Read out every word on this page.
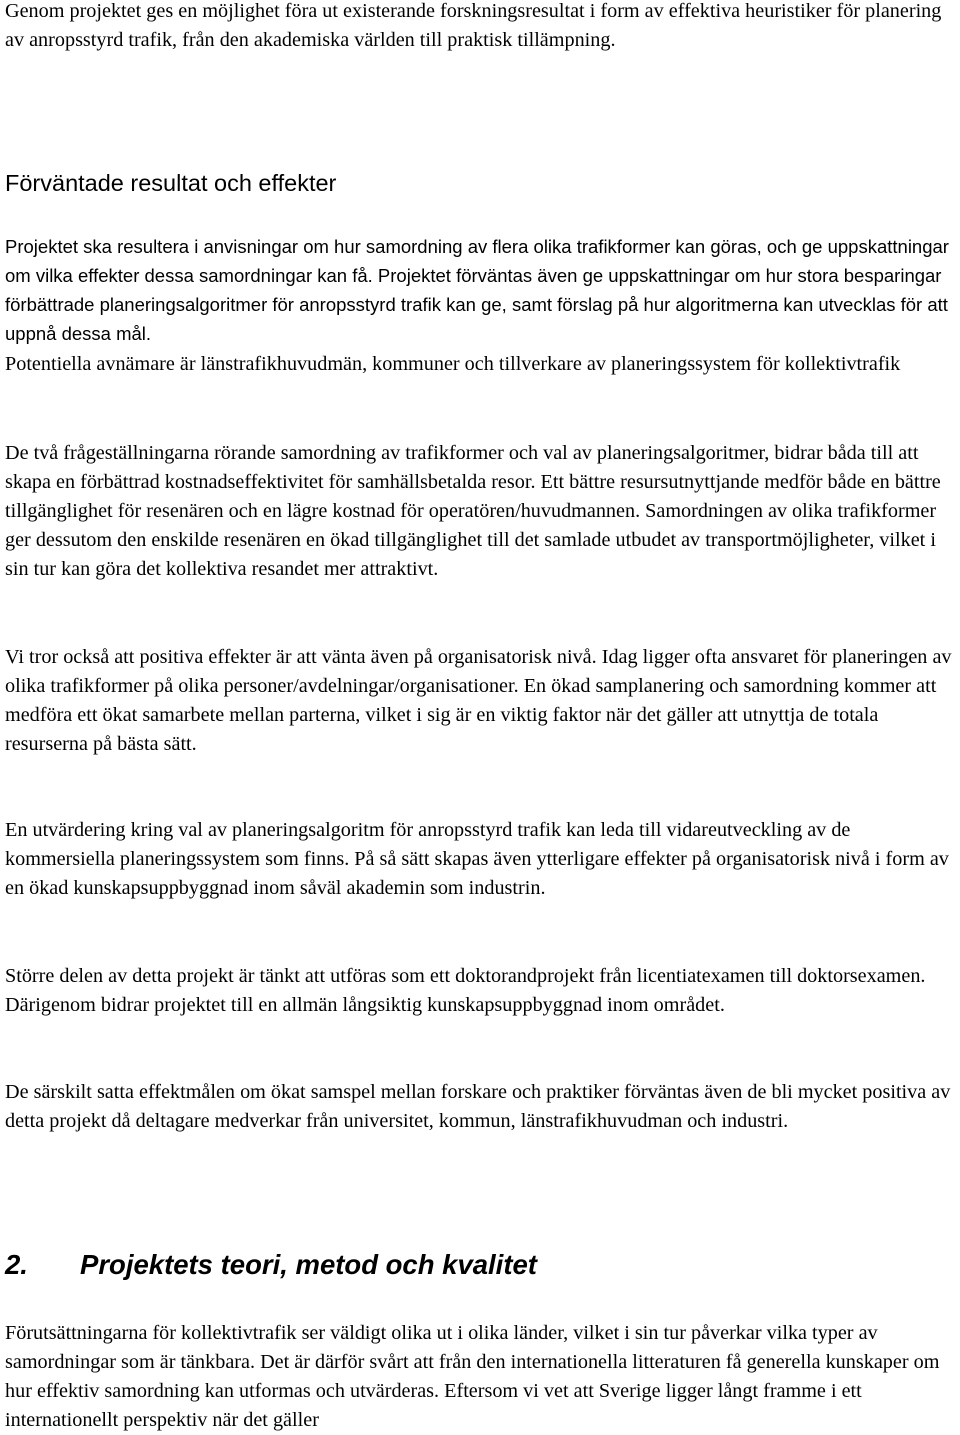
Genom projektet ges en möjlighet föra ut existerande forskningsresultat i form av effektiva heuristiker för planering av anropsstyrd trafik, från den akademiska världen till praktisk tillämpning.

Förväntade resultat och effekter

Projektet ska resultera i anvisningar om hur samordning av flera olika trafikformer kan göras, och ge uppskattningar om vilka effekter dessa samordningar kan få. Projektet förväntas även ge uppskattningar om hur stora besparingar förbättrade planeringsalgoritmer för anropsstyrd trafik kan ge, samt förslag på hur algoritmerna kan utvecklas för att uppnå dessa mål.

Potentiella avnämare är länstrafikhuvudmän, kommuner och tillverkare av planeringssystem för kollektivtrafik

De två frågeställningarna rörande samordning av trafikformer och val av planeringsalgoritmer, bidrar båda till att skapa en förbättrad kostnadseffektivitet för samhällsbetalda resor. Ett bättre resursutnyttjande medför både en bättre tillgänglighet för resenären och en lägre kostnad för operatören/huvudmannen. Samordningen av olika trafikformer ger dessutom den enskilde resenären en ökad tillgänglighet till det samlade utbudet av transportmöjligheter, vilket i sin tur kan göra det kollektiva resandet mer attraktivt.

Vi tror också att positiva effekter är att vänta även på organisatorisk nivå. Idag ligger ofta ansvaret för planeringen av olika trafikformer på olika personer/avdelningar/organisationer. En ökad samplanering och samordning kommer att medföra ett ökat samarbete mellan parterna, vilket i sig är en viktig faktor när det gäller att utnyttja de totala resurserna på bästa sätt.

En utvärdering kring val av planeringsalgoritm för anropsstyrd trafik kan leda till vidareutveckling av de kommersiella planeringssystem som finns. På så sätt skapas även ytterligare effekter på organisatorisk nivå i form av en ökad kunskapsuppbyggnad inom såväl akademin som industrin.

Större delen av detta projekt är tänkt att utföras som ett doktorandprojekt från licentiatexamen till doktorsexamen. Därigenom bidrar projektet till en allmän långsiktig kunskapsuppbyggnad inom området.

De särskilt satta effektmålen om ökat samspel mellan forskare och praktiker förväntas även de bli mycket positiva av detta projekt då deltagare medverkar från universitet, kommun, länstrafikhuvudman och industri.

2.	Projektets teori, metod och kvalitet

Förutsättningarna för kollektivtrafik ser väldigt olika ut i olika länder, vilket i sin tur påverkar vilka typer av samordningar som är tänkbara. Det är därför svårt att från den internationella litteraturen få generella kunskaper om hur effektiv samordning kan utformas och utvärderas. Eftersom vi vet att Sverige ligger långt framme i ett internationellt perspektiv när det gäller
